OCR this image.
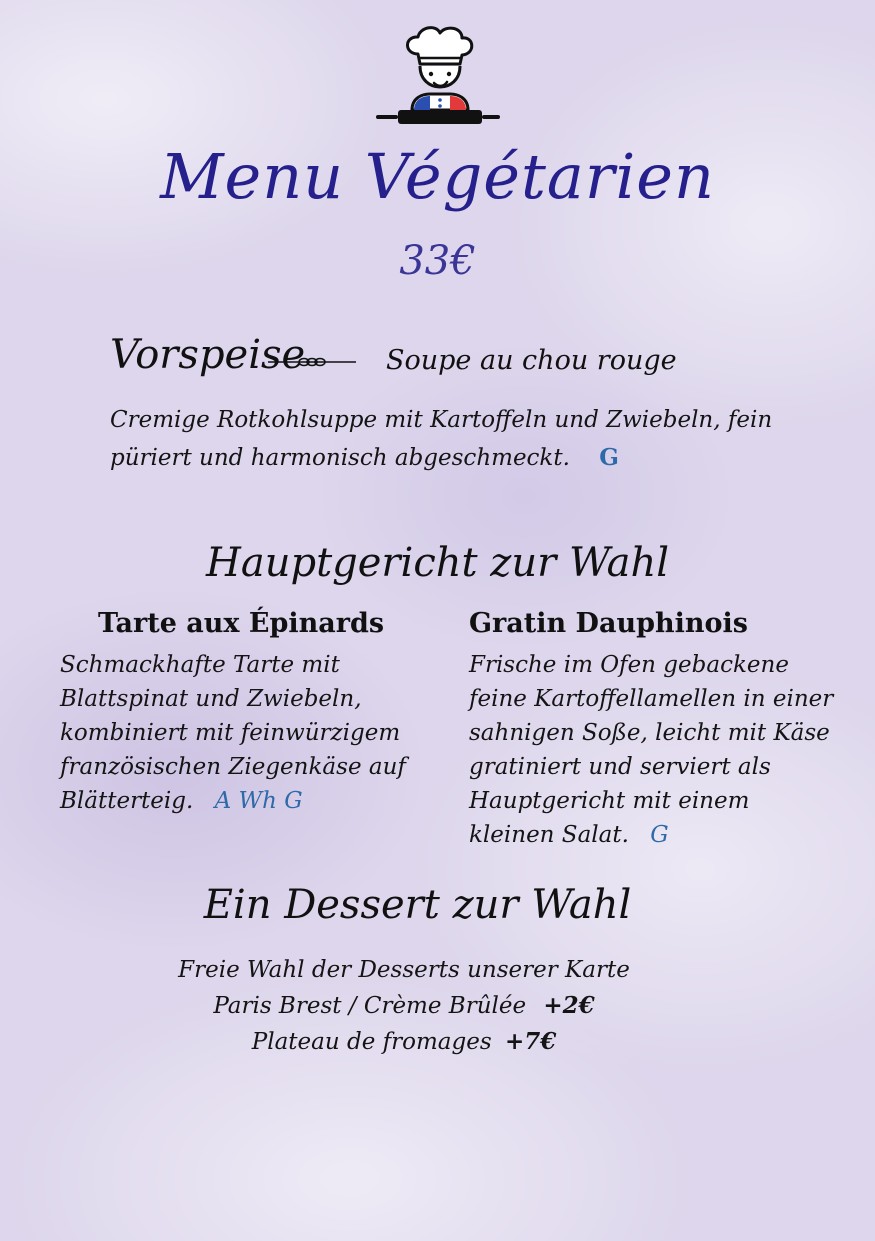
Menu Végétarien
33€
Vorspeise	Soupe au chou rouge
Cremige Rotkohlsuppe mit Kartoffeln und Zwiebeln, fein püriert und harmonisch abgeschmeckt. G
Hauptgericht zur Wahl
Tarte aux Épinards
Schmackhafte Tarte mit Blattspinat und Zwiebeln, kombiniert mit feinwürzigem französischen Ziegenkäse auf Blätterteig. A Wh G
Gratin Dauphinois
Frische im Ofen gebackene feine Kartoffellamellen in einer sahnigen Soße, leicht mit Käse gratiniert und serviert als Hauptgericht mit einem kleinen Salat. G
Ein Dessert zur Wahl
Freie Wahl der Desserts unserer Karte
Paris Brest / Crème Brûlée +2€
Plateau de fromages +7€
